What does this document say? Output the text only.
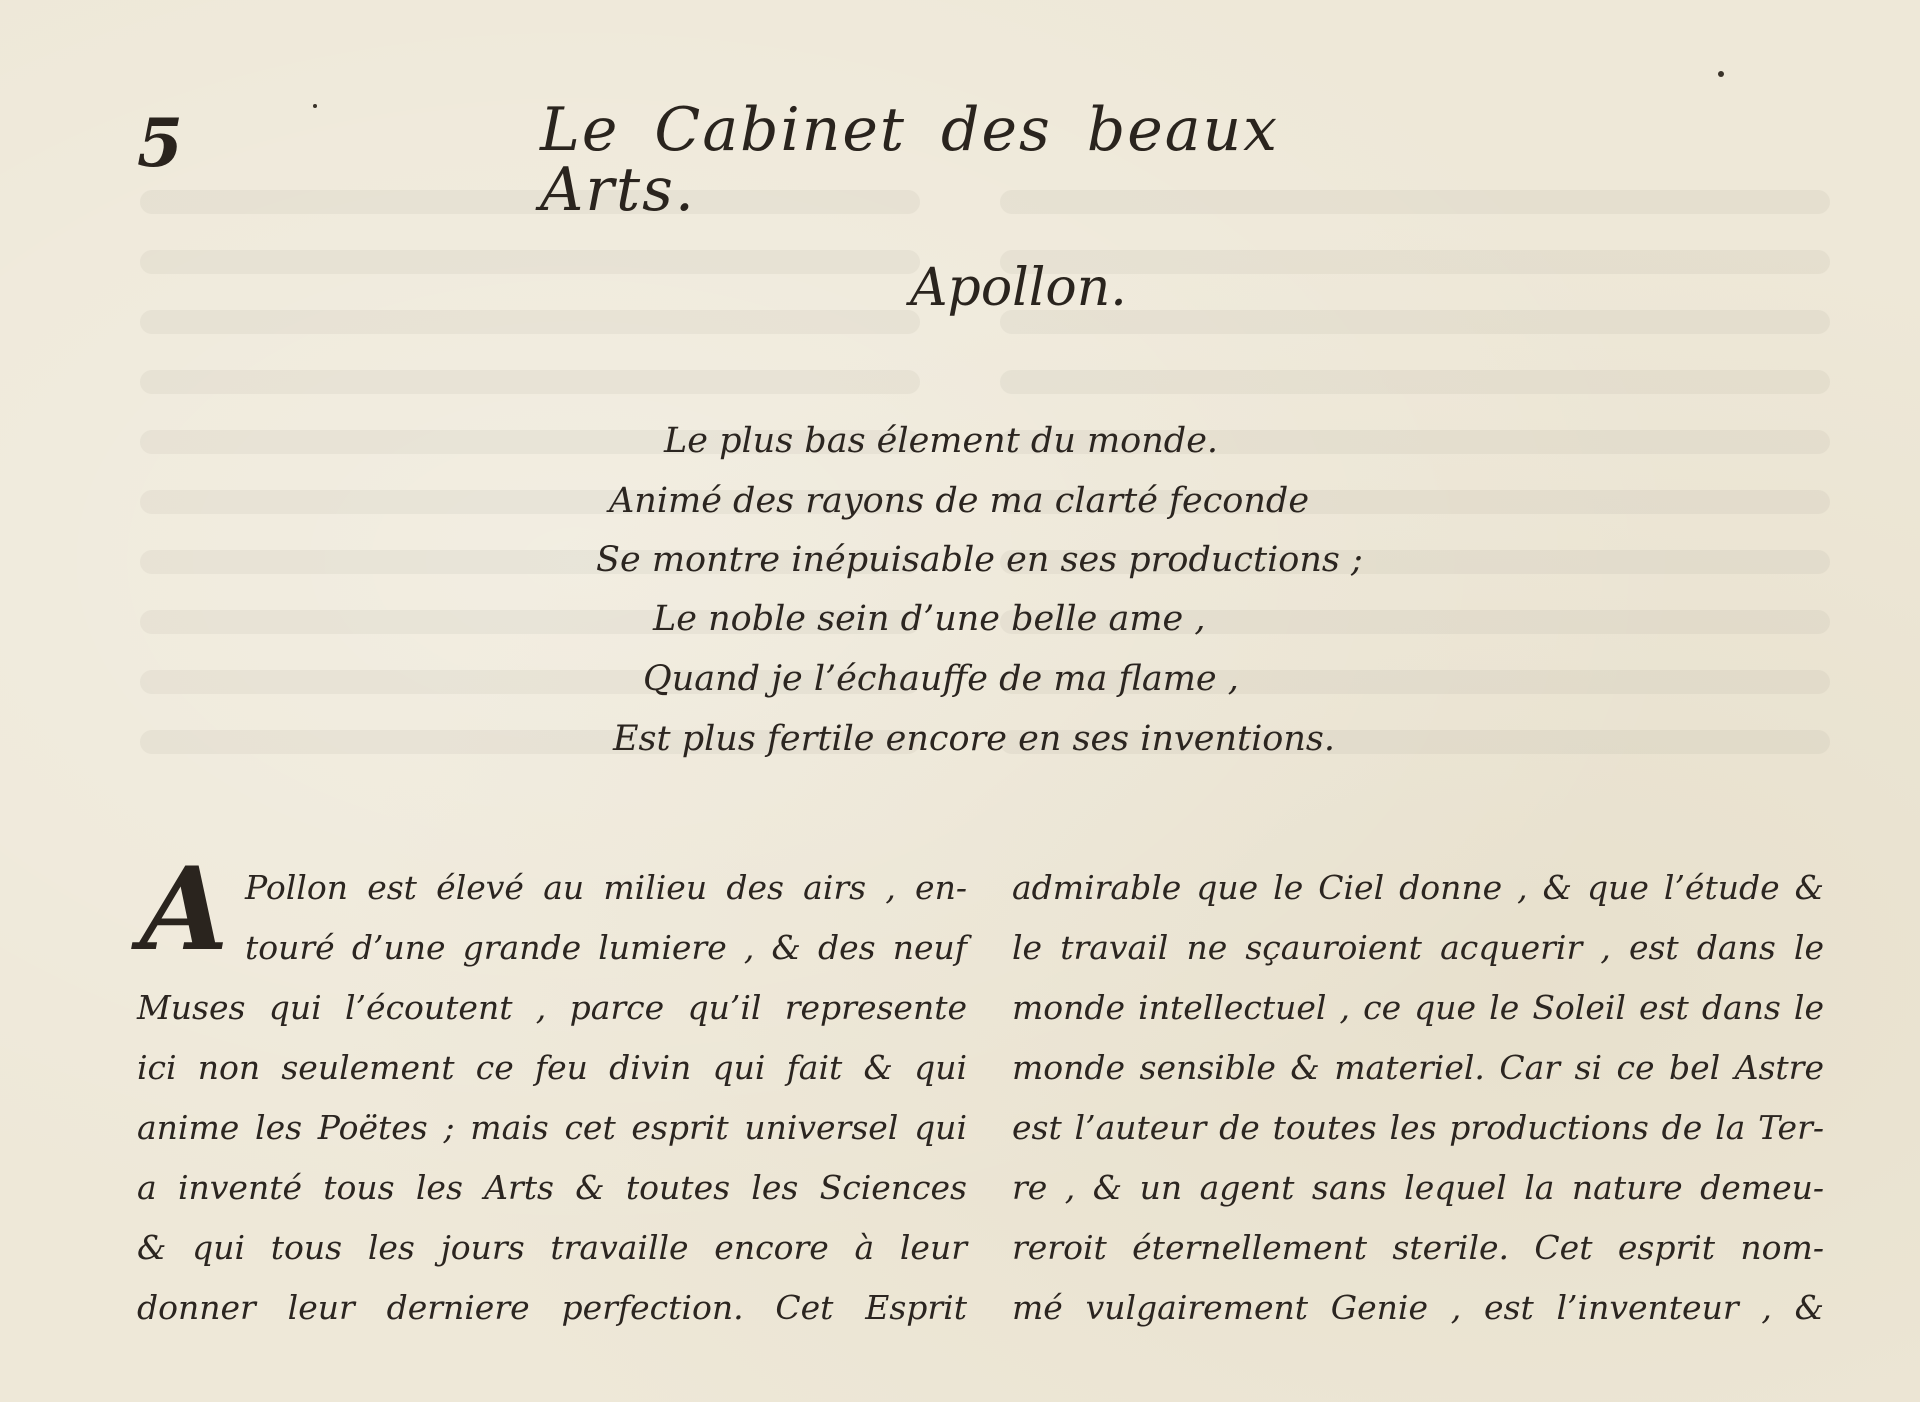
5	Le Cabinet des beaux Arts.
Apollon.
Le plus bas élement du monde.
Animé des rayons de ma clarté feconde
Se montre inépuisable en ses productions ;
Le noble sein d’une belle ame ,
Quand je l’échauffe de ma flame ,
Est plus fertile encore en ses inventions.
A Pollon est élevé au milieu des airs , en-
touré d’une grande lumiere , & des neuf
Muses qui l’écoutent , parce qu’il represente
ici non seulement ce feu divin qui fait & qui
anime les Poëtes ; mais cet esprit universel qui
a inventé tous les Arts & toutes les Sciences
& qui tous les jours travaille encore à leur
donner leur derniere perfection. Cet Esprit
admirable que le Ciel donne , & que l’étude &
le travail ne sçauroient acquerir , est dans le
monde intellectuel , ce que le Soleil est dans le
monde sensible & materiel. Car si ce bel Astre
est l’auteur de toutes les productions de la Ter-
re , & un agent sans lequel la nature demeu-
reroit éternellement sterile. Cet esprit nom-
mé vulgairement Genie , est l’inventeur , &
